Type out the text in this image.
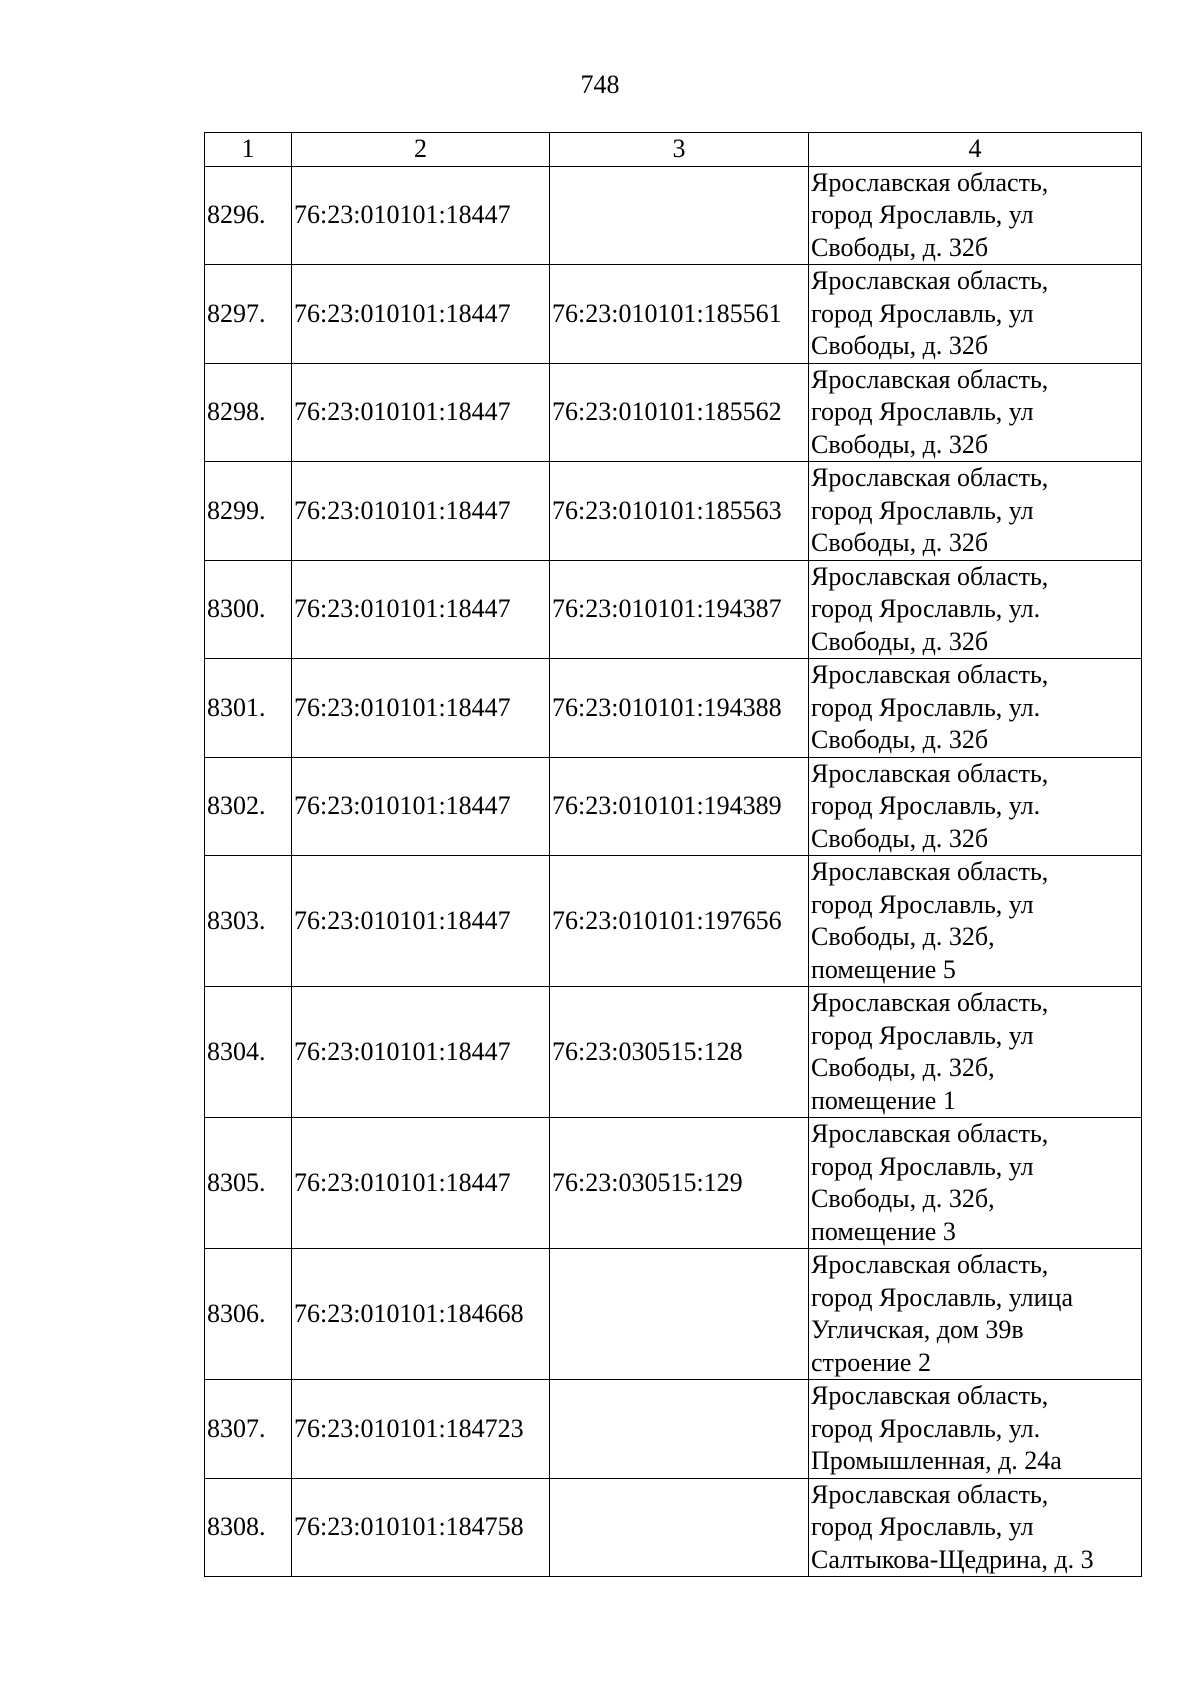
748
1	2	3	4
8296.	76:23:010101:18447		Ярославская область,
город Ярославль, ул
Свободы, д. 32б
8297.	76:23:010101:18447	76:23:010101:185561	Ярославская область,
город Ярославль, ул
Свободы, д. 32б
8298.	76:23:010101:18447	76:23:010101:185562	Ярославская область,
город Ярославль, ул
Свободы, д. 32б
8299.	76:23:010101:18447	76:23:010101:185563	Ярославская область,
город Ярославль, ул
Свободы, д. 32б
8300.	76:23:010101:18447	76:23:010101:194387	Ярославская область,
город Ярославль, ул.
Свободы, д. 32б
8301.	76:23:010101:18447	76:23:010101:194388	Ярославская область,
город Ярославль, ул.
Свободы, д. 32б
8302.	76:23:010101:18447	76:23:010101:194389	Ярославская область,
город Ярославль, ул.
Свободы, д. 32б
8303.	76:23:010101:18447	76:23:010101:197656	Ярославская область,
город Ярославль, ул
Свободы, д. 32б,
помещение 5
8304.	76:23:010101:18447	76:23:030515:128	Ярославская область,
город Ярославль, ул
Свободы, д. 32б,
помещение 1
8305.	76:23:010101:18447	76:23:030515:129	Ярославская область,
город Ярославль, ул
Свободы, д. 32б,
помещение 3
8306.	76:23:010101:184668		Ярославская область,
город Ярославль, улица
Угличская, дом 39в
строение 2
8307.	76:23:010101:184723		Ярославская область,
город Ярославль, ул.
Промышленная, д. 24а
8308.	76:23:010101:184758		Ярославская область,
город Ярославль, ул
Салтыкова-Щедрина, д. 3
